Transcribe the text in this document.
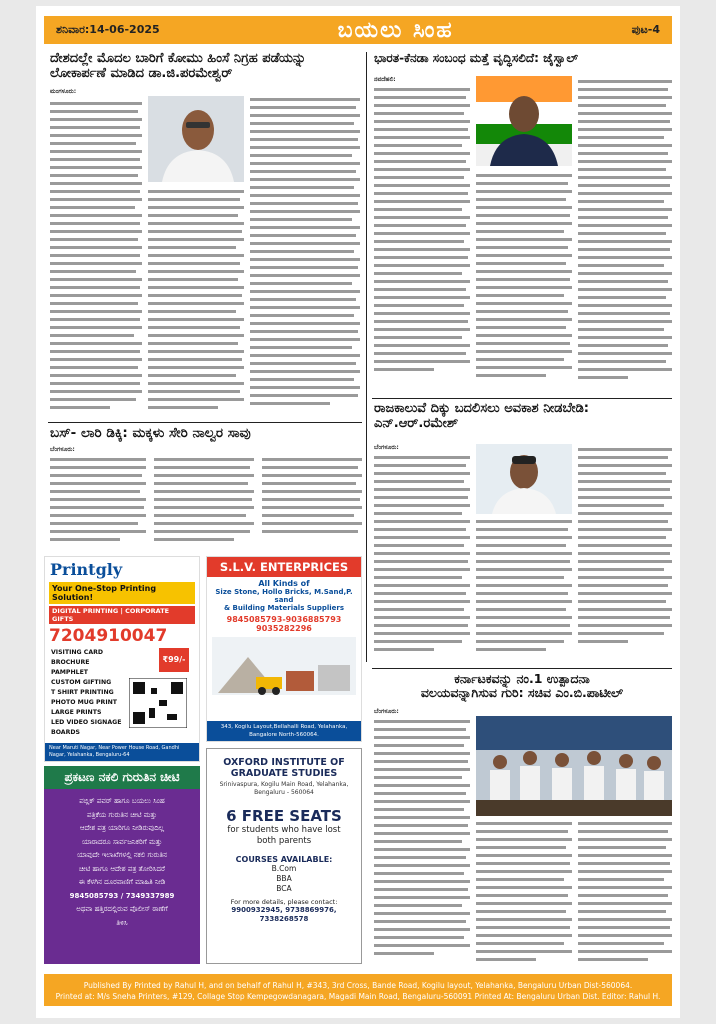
ಶನಿವಾರ:14-06-2025	ಬಯಲು ಸಿಂಹ	ಪುಟ-4
ದೇಶದಲ್ಲೇ ಮೊದಲ ಬಾರಿಗೆ ಕೋಮು ಹಿಂಸೆ ನಿಗ್ರಹ ಪಡೆಯನ್ನು ಲೋಕಾರ್ಪಣೆ ಮಾಡಿದ ಡಾ.ಜಿ.ಪರಮೇಶ್ವರ್
ಮಂಗಳೂರು:
ಬಸ್- ಲಾರಿ ಡಿಕ್ಕಿ: ಮಕ್ಕಳು ಸೇರಿ ನಾಲ್ವರ ಸಾವು
ಬೆಂಗಳೂರು:
Printgly
Your One-Stop Printing Solution!
DIGITAL PRINTING | CORPORATE GIFTS
7204910047
VISITING CARD
BROCHURE
PAMPHLET
CUSTOM GIFTING
T SHIRT PRINTING
PHOTO MUG PRINT
LARGE PRINTS
LED VIDEO SIGNAGE BOARDS
₹99/-
Near Maruti Nagar, Near Power House Road, Gandhi Nagar, Yelahanka, Bengaluru-64
ಪ್ರಕಟಣ ನಕಲಿ ಗುರುತಿನ ಚೀಟಿ
ಪಬ್ಲಿಕ್ ಪವರ್ ಹಾಗೂ ಬಯಲು ಸಿಂಹ
ಪತ್ರಿಕೆಯ ಗುರುತಿನ ಚೀಟಿ ಮತ್ತು
ಆದೇಶ ಪತ್ರ ಯಾರಿಗೂ ನೀಡಿರುವುದಿಲ್ಲ
ಯಾರಾದರೂ ಸಾರ್ವಜನಿಕರಿಗೆ ಮತ್ತು
ಯಾವುದೇ ಇಲಾಖೆಗಳಲ್ಲಿ ನಕಲಿ ಗುರುತಿನ
ಚೀಟಿ ಹಾಗೂ ಆದೇಶ ಪತ್ರ ತೋರಿಸಿದರೆ
ಈ ಕೆಳಗಿನ ದೂರವಾಣಿಗೆ ಮಾಹಿತಿ ನೀಡಿ
9845085793 / 7349337989
ಅಥವಾ ಹತ್ತಿರದಲ್ಲಿರುವ ಪೊಲೀಸ್ ಠಾಣೆಗೆ
ತಿಳಿಸಿ
S.L.V. ENTERPRICES
All Kinds of
Size Stone, Hollo Bricks, M.Sand,P. sand
& Building Materials Suppliers
9845085793-9036885793
9035282296
343, Kogilu Layout,Bellahalli Road, Yelahanka, Bangalore North-560064.
OXFORD INSTITUTE OF GRADUATE STUDIES
Srinivaspura, Kogilu Main Road, Yelahanka, Bengaluru - 560064
6 FREE SEATS
for students who have lost both parents
COURSES AVAILABLE:
B.Com
BBA
BCA
For more details, please contact:
9900932945, 9738869976, 7338268578
ಭಾರತ-ಕೆನಡಾ ಸಂಬಂಧ ಮತ್ತೆ ವೃದ್ಧಿಸಲಿದೆ: ಜೈಸ್ವಾಲ್
ನವದೆಹಲಿ:
ರಾಜಕಾಲುವೆ ದಿಕ್ಕು ಬದಲಿಸಲು ಅವಕಾಶ ನೀಡಬೇಡಿ: ಎನ್.ಆರ್.ರಮೇಶ್
ಬೆಂಗಳೂರು:
ಕರ್ನಾಟಕವನ್ನು ನಂ.1 ಉತ್ಪಾದನಾ
ವಲಯವನ್ನಾಗಿಸುವ ಗುರಿ: ಸಚಿವ ಎಂ.ಬಿ.ಪಾಟೀಲ್
ಬೆಂಗಳೂರು:
Published By Printed by Rahul H, and on behalf of Rahul H, #343, 3rd Cross, Bande Road, Kogilu layout, Yelahanka, Bengaluru Urban Dist-560064.
Printed at: M/s Sneha Printers, #129, Collage Stop Kempegowdanagara, Magadi Main Road, Bengaluru-560091 Printed At: Bengaluru Urban Dist. Editor: Rahul H.
